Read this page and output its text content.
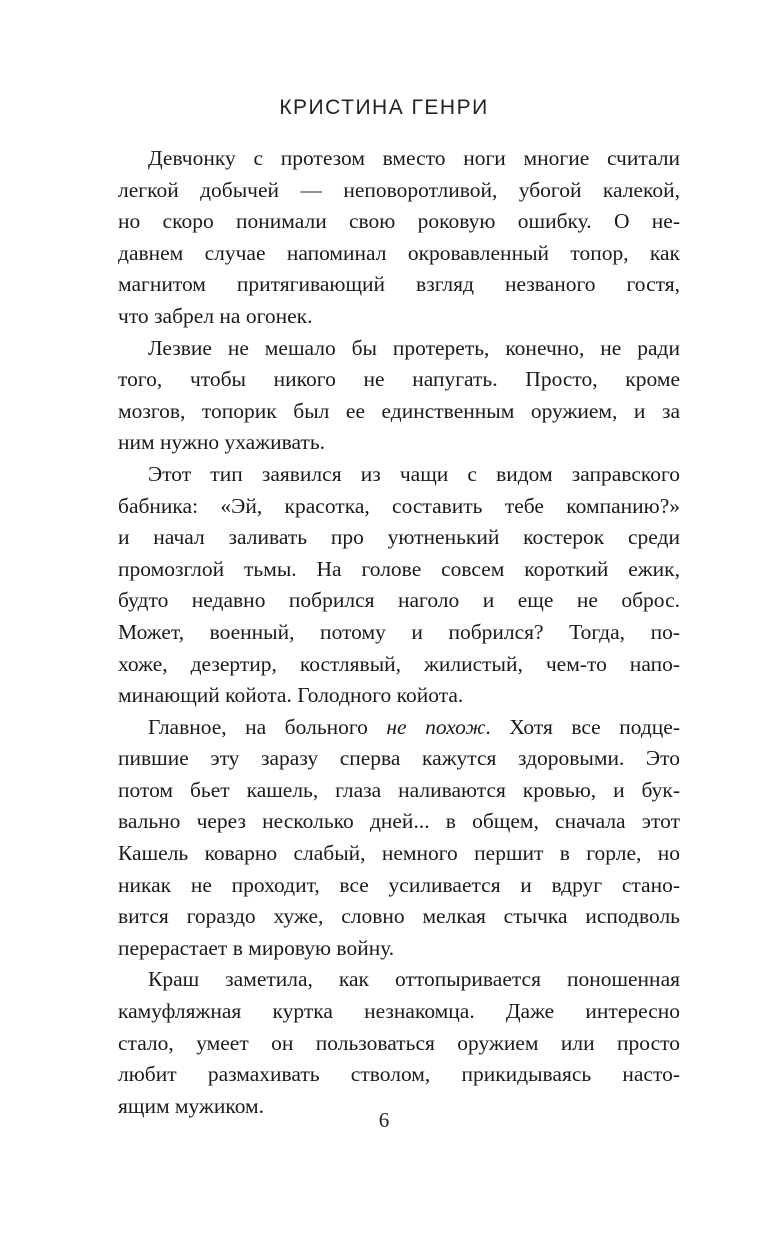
КРИСТИНА ГЕНРИ
Девчонку с протезом вместо ноги многие считали
легкой добычей — неповоротливой, убогой калекой,
но скоро понимали свою роковую ошибку. О не-
давнем случае напоминал окровавленный топор, как
магнитом притягивающий взгляд незваного гостя,
что забрел на огонек.
Лезвие не мешало бы протереть, конечно, не ради
того, чтобы никого не напугать. Просто, кроме
мозгов, топорик был ее единственным оружием, и за
ним нужно ухаживать.
Этот тип заявился из чащи с видом заправского
бабника: «Эй, красотка, составить тебе компанию?»
и начал заливать про уютненький костерок среди
промозглой тьмы. На голове совсем короткий ежик,
будто недавно побрился наголо и еще не оброс.
Может, военный, потому и побрился? Тогда, по-
хоже, дезертир, костлявый, жилистый, чем-то напо-
минающий койота. Голодного койота.
Главное, на больного не похож. Хотя все подце-
пившие эту заразу сперва кажутся здоровыми. Это
потом бьет кашель, глаза наливаются кровью, и бук-
вально через несколько дней... в общем, сначала этот
Кашель коварно слабый, немного першит в горле, но
никак не проходит, все усиливается и вдруг стано-
вится гораздо хуже, словно мелкая стычка исподволь
перерастает в мировую войну.
Краш заметила, как оттопыривается поношенная
камуфляжная куртка незнакомца. Даже интересно
стало, умеет он пользоваться оружием или просто
любит размахивать стволом, прикидываясь насто-
ящим мужиком.
6
